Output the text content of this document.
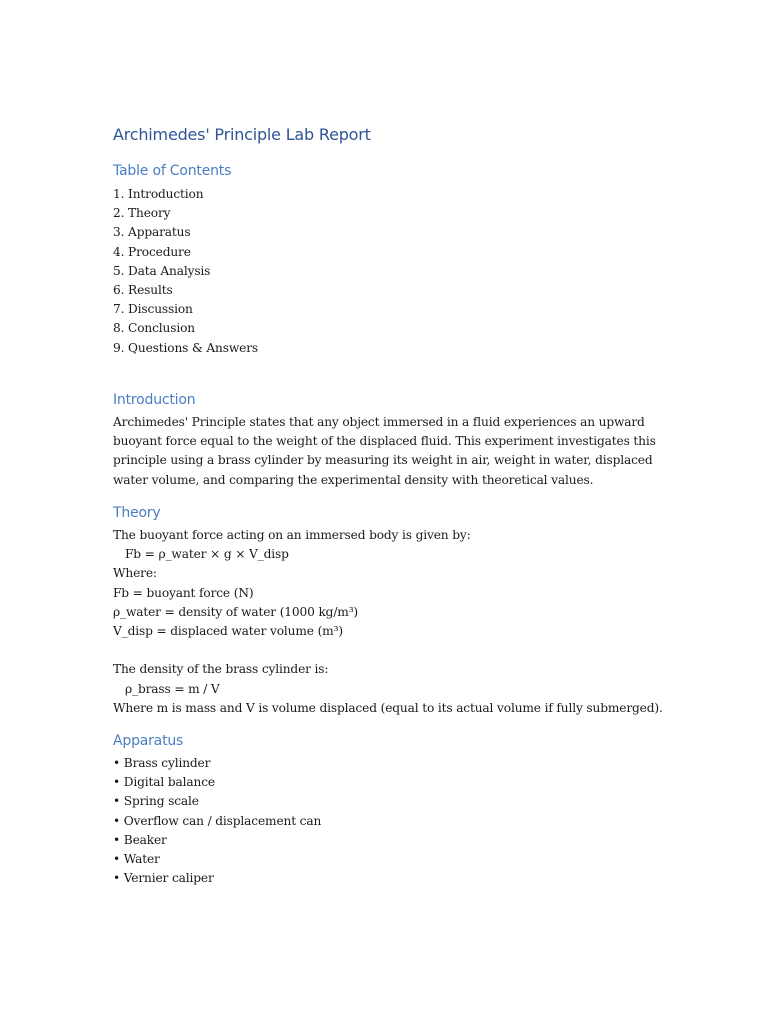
Archimedes' Principle Lab Report
Table of Contents
1. Introduction
2. Theory
3. Apparatus
4. Procedure
5. Data Analysis
6. Results
7. Discussion
8. Conclusion
9. Questions & Answers
Introduction
Archimedes' Principle states that any object immersed in a fluid experiences an upward
buoyant force equal to the weight of the displaced fluid. This experiment investigates this
principle using a brass cylinder by measuring its weight in air, weight in water, displaced
water volume, and comparing the experimental density with theoretical values.
Theory
The buoyant force acting on an immersed body is given by:
Fb = ρ_water × g × V_disp
Where:
Fb = buoyant force (N)
ρ_water = density of water (1000 kg/m³)
V_disp = displaced water volume (m³)
The density of the brass cylinder is:
ρ_brass = m / V
Where m is mass and V is volume displaced (equal to its actual volume if fully submerged).
Apparatus
• Brass cylinder
• Digital balance
• Spring scale
• Overflow can / displacement can
• Beaker
• Water
• Vernier caliper
